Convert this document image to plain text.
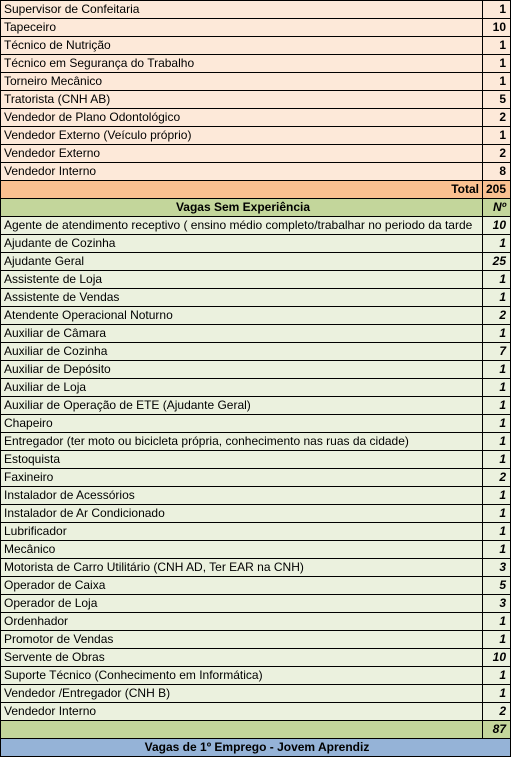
Supervisor de Confeitaria	1
Tapeceiro	10
Técnico de Nutrição	1
Técnico em Segurança do Trabalho	1
Torneiro Mecânico	1
Tratorista (CNH AB)	5
Vendedor de Plano Odontológico	2
Vendedor Externo (Veículo próprio)	1
Vendedor Externo	2
Vendedor Interno	8
Total	205
Vagas Sem Experiência	Nº
Agente de atendimento receptivo ( ensino médio completo/trabalhar no periodo da tarde	10
Ajudante de Cozinha	1
Ajudante Geral	25
Assistente de Loja	1
Assistente de Vendas	1
Atendente Operacional Noturno	2
Auxiliar de Câmara	1
Auxiliar de Cozinha	7
Auxiliar de Depósito	1
Auxiliar de Loja	1
Auxiliar de Operação de ETE (Ajudante Geral)	1
Chapeiro	1
Entregador (ter moto ou bicicleta própria, conhecimento nas ruas da cidade)	1
Estoquista	1
Faxineiro	2
Instalador de Acessórios	1
Instalador de Ar Condicionado	1
Lubrificador	1
Mecânico	1
Motorista de Carro Utilitário (CNH AD, Ter EAR na CNH)	3
Operador de Caixa	5
Operador de Loja	3
Ordenhador	1
Promotor de Vendas	1
Servente de Obras	10
Suporte Técnico (Conhecimento em Informática)	1
Vendedor /Entregador (CNH B)	1
Vendedor Interno	2
	87
Vagas de 1º Emprego - Jovem Aprendiz	
